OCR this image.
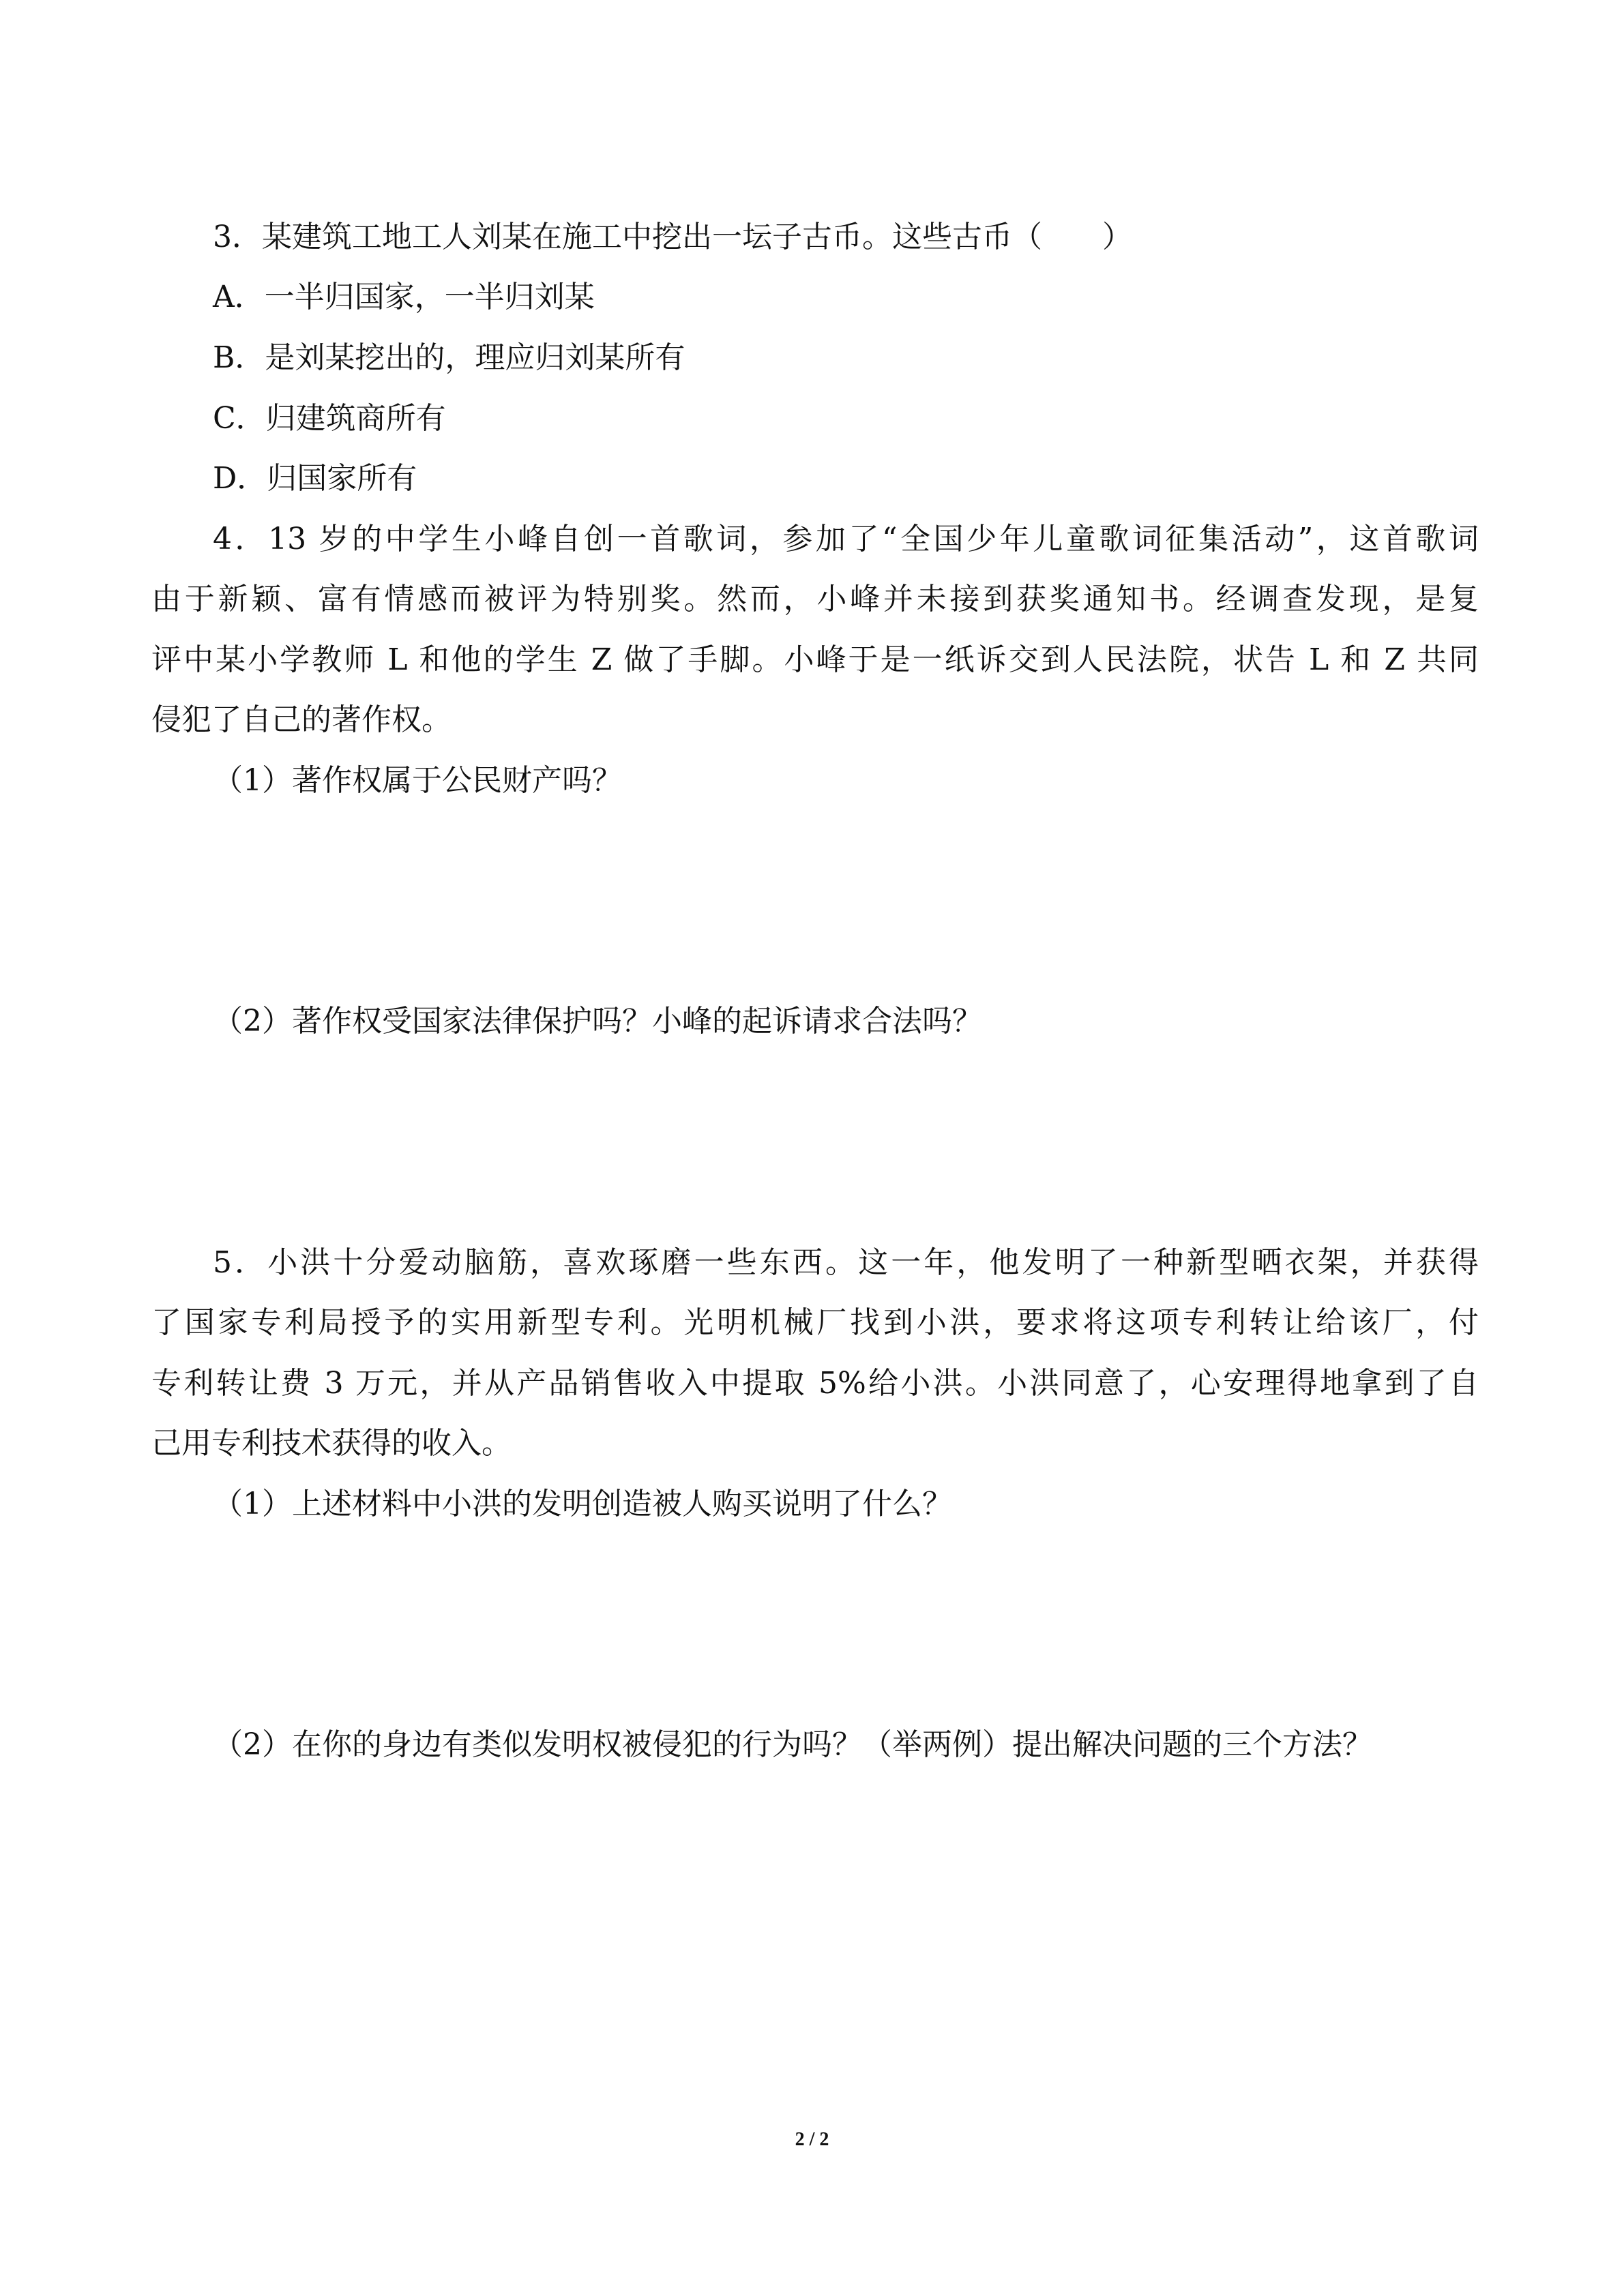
3．某建筑工地工人刘某在施工中挖出一坛子古币。这些古币（　　）

A．一半归国家，一半归刘某

B．是刘某挖出的，理应归刘某所有

C．归建筑商所有

D．归国家所有

4．13 岁的中学生小峰自创一首歌词，参加了“全国少年儿童歌词征集活动”，这首歌词

由于新颖、富有情感而被评为特别奖。然而，小峰并未接到获奖通知书。经调查发现，是复

评中某小学教师 L 和他的学生 Z 做了手脚。小峰于是一纸诉交到人民法院，状告 L 和 Z 共同

侵犯了自己的著作权。

（1）著作权属于公民财产吗？

（2）著作权受国家法律保护吗？小峰的起诉请求合法吗？

5．小洪十分爱动脑筋，喜欢琢磨一些东西。这一年，他发明了一种新型晒衣架，并获得

了国家专利局授予的实用新型专利。光明机械厂找到小洪，要求将这项专利转让给该厂，付

专利转让费 3 万元，并从产品销售收入中提取 5%给小洪。小洪同意了，心安理得地拿到了自

己用专利技术获得的收入。

（1）上述材料中小洪的发明创造被人购买说明了什么？

（2）在你的身边有类似发明权被侵犯的行为吗？（举两例）提出解决问题的三个方法？

2 / 2
